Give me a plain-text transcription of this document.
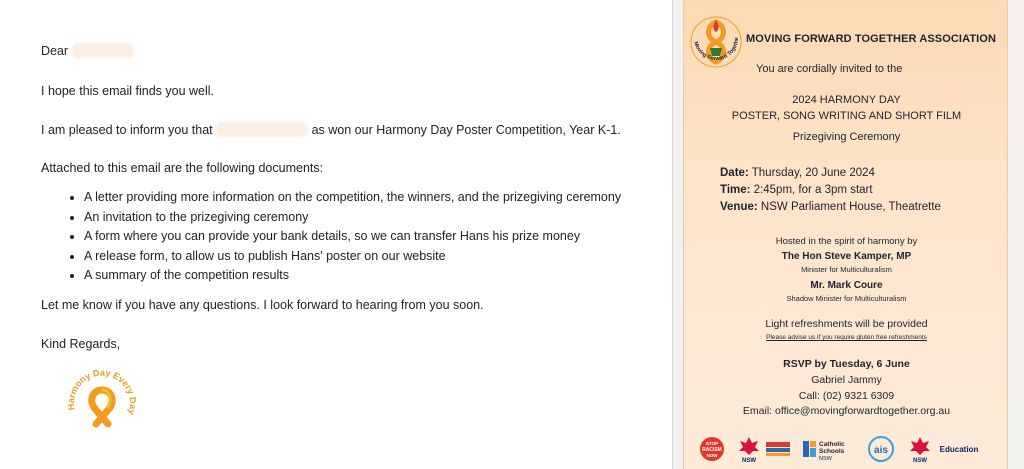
Dear

I hope this email finds you well.

I am pleased to inform you that	as won our Harmony Day Poster Competition, Year K-1.

Attached to this email are the following documents:

• A letter providing more information on the competition, the winners, and the prizegiving ceremony
• An invitation to the prizegiving ceremony
• A form where you can provide your bank details, so we can transfer Hans his prize money
• A release form, to allow us to publish Hans' poster on our website
• A summary of the competition results

Let me know if you have any questions. I look forward to hearing from you soon.

Kind Regards,

Harmony Day Every Day
Moving Forward Togethe MOVING FORWARD TOGETHER ASSOCIATION
You are cordially invited to the

2024 HARMONY DAY

POSTER, SONG WRITING AND SHORT FILM

Prizegiving Ceremony

Date: Thursday, 20 June 2024

Time: 2:45pm, for a 3pm start

Venue: NSW Parliament House, Theatrette

Hosted in the spirit of harmony by

The Hon Steve Kamper, MP

Minister for Multiculturalism

Mr. Mark Coure

Shadow Minister for Multiculturalism

Light refreshments will be provided

Please advise us if you require gluten free refreshments

RSVP by Tuesday, 6 June

Gabriel Jammy

Call: (02) 9321 6309

Email: office@movingforwardtogether.org.au

STOP
RACISM
NOW
NSW
Catholic
Schools
NSW
ais
NSW
Education
